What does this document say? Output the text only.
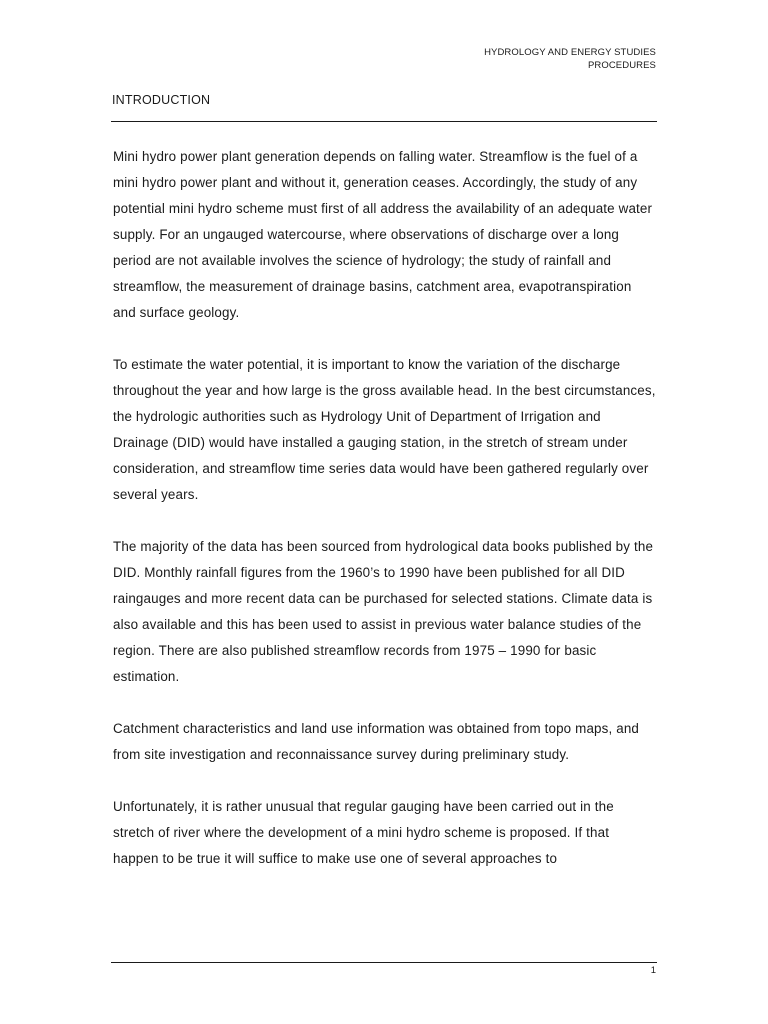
HYDROLOGY AND ENERGY STUDIES
PROCEDURES
INTRODUCTION

Mini hydro power plant generation depends on falling water. Streamflow is the fuel of a mini hydro power plant and without it, generation ceases. Accordingly, the study of any potential mini hydro scheme must first of all address the availability of an adequate water supply. For an ungauged watercourse, where observations of discharge over a long period are not available involves the science of hydrology; the study of rainfall and streamflow, the measurement of drainage basins, catchment area, evapotranspiration and surface geology.

To estimate the water potential, it is important to know the variation of the discharge throughout the year and how large is the gross available head. In the best circumstances, the hydrologic authorities such as Hydrology Unit of Department of Irrigation and Drainage (DID) would have installed a gauging station, in the stretch of stream under consideration, and streamflow time series data would have been gathered regularly over several years.

The majority of the data has been sourced from hydrological data books published by the DID. Monthly rainfall figures from the 1960’s to 1990 have been published for all DID raingauges and more recent data can be purchased for selected stations. Climate data is also available and this has been used to assist in previous water balance studies of the region. There are also published streamflow records from 1975 – 1990 for basic estimation.

Catchment characteristics and land use information was obtained from topo maps, and from site investigation and reconnaissance survey during preliminary study.

Unfortunately, it is rather unusual that regular gauging have been carried out in the stretch of river where the development of a mini hydro scheme is proposed. If that happen to be true it will suffice to make use one of several approaches to

1
